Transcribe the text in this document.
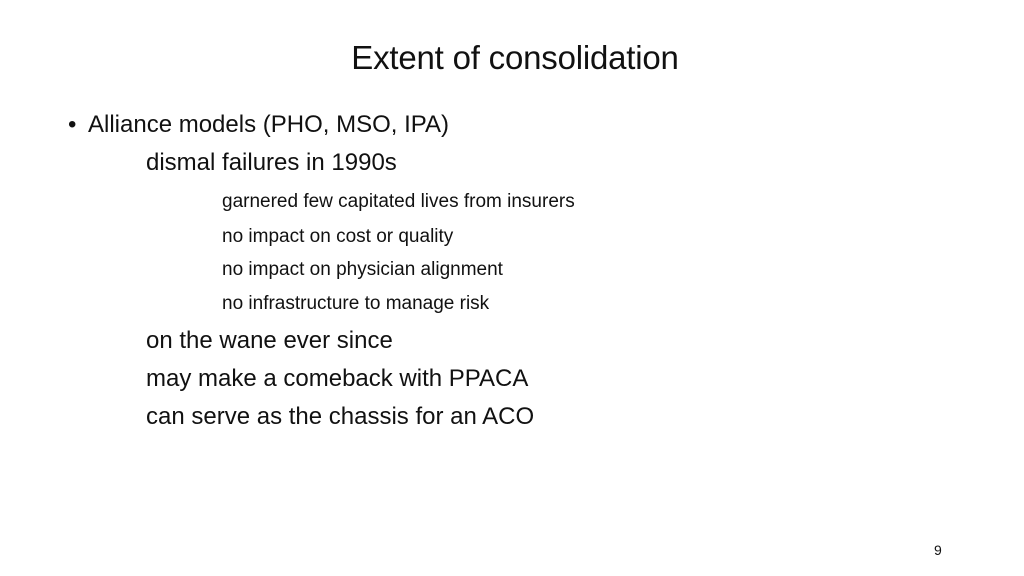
Extent of consolidation
• Alliance models (PHO, MSO, IPA)
dismal failures in 1990s
garnered few capitated lives from insurers
no impact on cost or quality
no impact on physician alignment
no infrastructure to manage risk
on the wane ever since
may make a comeback with PPACA
can serve as the chassis for an ACO
9
